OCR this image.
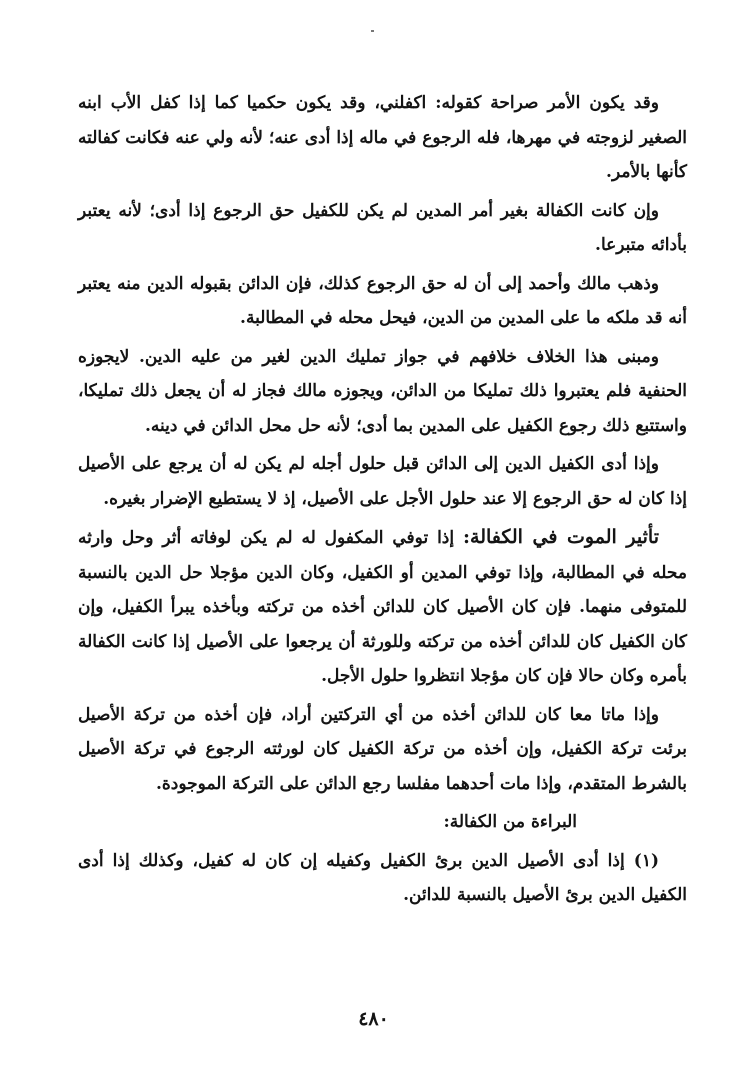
وقد يكون الأمر صراحة كقوله: اكفلني، وقد يكون حكميا كما إذا كفل الأب ابنه الصغير لزوجته في مهرها، فله الرجوع في ماله إذا أدى عنه؛ لأنه ولي عنه فكانت كفالته كأنها بالأمر.

وإن كانت الكفالة بغير أمر المدين لم يكن للكفيل حق الرجوع إذا أدى؛ لأنه يعتبر بأدائه متبرعا.

وذهب مالك وأحمد إلى أن له حق الرجوع كذلك، فإن الدائن بقبوله الدين منه يعتبر أنه قد ملكه ما على المدين من الدين، فيحل محله في المطالبة.

ومبنى هذا الخلاف خلافهم في جواز تمليك الدين لغير من عليه الدين. لايجوزه الحنفية فلم يعتبروا ذلك تمليكا من الدائن، ويجوزه مالك فجاز له أن يجعل ذلك تمليكا، واستتبع ذلك رجوع الكفيل على المدين بما أدى؛ لأنه حل محل الدائن في دينه.

وإذا أدى الكفيل الدين إلى الدائن قبل حلول أجله لم يكن له أن يرجع على الأصيل إذا كان له حق الرجوع إلا عند حلول الأجل على الأصيل، إذ لا يستطيع الإضرار بغيره.

تأثير الموت في الكفالة: إذا توفي المكفول له لم يكن لوفاته أثر وحل وارثه محله في المطالبة، وإذا توفي المدين أو الكفيل، وكان الدين مؤجلا حل الدين بالنسبة للمتوفى منهما. فإن كان الأصيل كان للدائن أخذه من تركته وبأخذه يبرأ الكفيل، وإن كان الكفيل كان للدائن أخذه من تركته وللورثة أن يرجعوا على الأصيل إذا كانت الكفالة بأمره وكان حالا فإن كان مؤجلا انتظروا حلول الأجل.

وإذا ماتا معا كان للدائن أخذه من أي التركتين أراد، فإن أخذه من تركة الأصيل برئت تركة الكفيل، وإن أخذه من تركة الكفيل كان لورثته الرجوع في تركة الأصيل بالشرط المتقدم، وإذا مات أحدهما مفلسا رجع الدائن على التركة الموجودة.

البراءة من الكفالة:

(١) إذا أدى الأصيل الدين برئ الكفيل وكفيله إن كان له كفيل، وكذلك إذا أدى الكفيل الدين برئ الأصيل بالنسبة للدائن.

٤٨٠
